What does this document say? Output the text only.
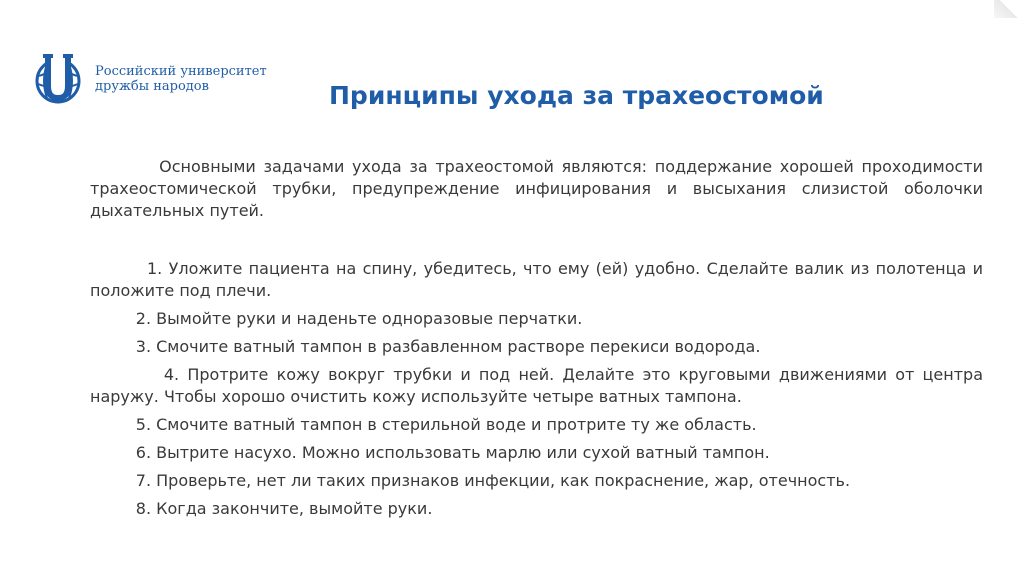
Российский университет
дружбы народов	Принципы ухода за трахеостомой

Основными задачами ухода за трахеостомой являются: поддержание хорошей проходимости трахеостомической трубки, предупреждение инфицирования и высыхания слизистой оболочки дыхательных путей.

1. Уложите пациента на спину, убедитесь, что ему (ей) удобно. Сделайте валик из полотенца и положите под плечи.
2. Вымойте руки и наденьте одноразовые перчатки.
3. Смочите ватный тампон в разбавленном растворе перекиси водорода.
4. Протрите кожу вокруг трубки и под ней. Делайте это круговыми движениями от центра наружу. Чтобы хорошо очистить кожу используйте четыре ватных тампона.
5. Смочите ватный тампон в стерильной воде и протрите ту же область.
6. Вытрите насухо. Можно использовать марлю или сухой ватный тампон.
7. Проверьте, нет ли таких признаков инфекции, как покраснение, жар, отечность.
8. Когда закончите, вымойте руки.
